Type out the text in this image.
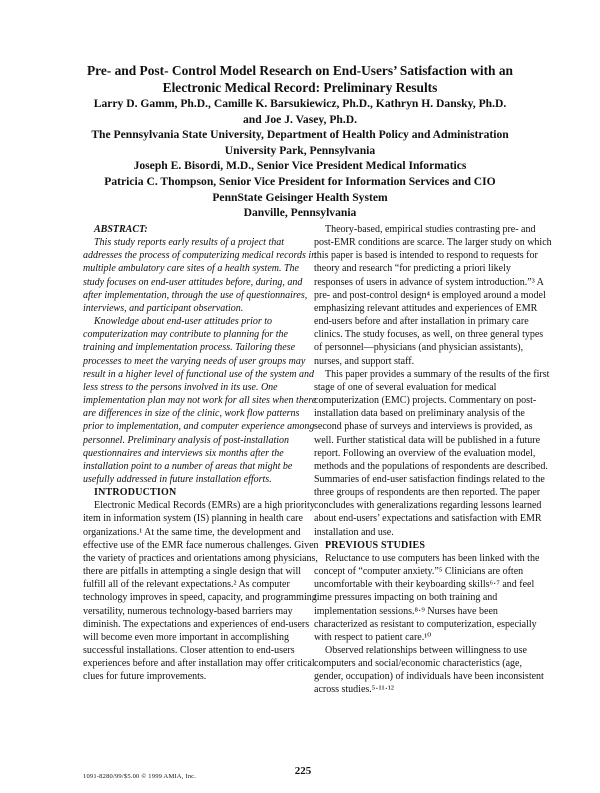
Pre- and Post- Control Model Research on End-Users’ Satisfaction with an

Electronic Medical Record: Preliminary Results

Larry D. Gamm, Ph.D., Camille K. Barsukiewicz, Ph.D., Kathryn H. Dansky, Ph.D.

and Joe J. Vasey, Ph.D.

The Pennsylvania State University, Department of Health Policy and Administration

University Park, Pennsylvania

Joseph E. Bisordi, M.D., Senior Vice President Medical Informatics

Patricia C. Thompson, Senior Vice President for Information Services and CIO

PennState Geisinger Health System

Danville, Pennsylvania

ABSTRACT:

This study reports early results of a project that addresses the process of computerizing medical records in multiple ambulatory care sites of a health system. The study focuses on end-user attitudes before, during, and after implementation, through the use of questionnaires, interviews, and participant observation.

Knowledge about end-user attitudes prior to computerization may contribute to planning for the training and implementation process. Tailoring these processes to meet the varying needs of user groups may result in a higher level of functional use of the system and less stress to the persons involved in its use. One implementation plan may not work for all sites when there are differences in size of the clinic, work flow patterns prior to implementation, and computer experience among personnel. Preliminary analysis of post-installation questionnaires and interviews six months after the installation point to a number of areas that might be usefully addressed in future installation efforts.

INTRODUCTION

Electronic Medical Records (EMRs) are a high priority item in information system (IS) planning in health care organizations.¹ At the same time, the development and effective use of the EMR face numerous challenges. Given the variety of practices and orientations among physicians, there are pitfalls in attempting a single design that will fulfill all of the relevant expectations.² As computer technology improves in speed, capacity, and programming versatility, numerous technology-based barriers may diminish. The expectations and experiences of end-users will become even more important in accomplishing successful installations. Closer attention to end-users experiences before and after installation may offer critical clues for future improvements.

Theory-based, empirical studies contrasting pre- and post-EMR conditions are scarce. The larger study on which this paper is based is intended to respond to requests for theory and research “for predicting a priori likely responses of users in advance of system introduction.”³ A pre- and post-control design⁴ is employed around a model emphasizing relevant attitudes and experiences of EMR end-users before and after installation in primary care clinics. The study focuses, as well, on three general types of personnel—physicians (and physician assistants), nurses, and support staff.

This paper provides a summary of the results of the first stage of one of several evaluation for medical computerization (EMC) projects. Commentary on post-installation data based on preliminary analysis of the second phase of surveys and interviews is provided, as well. Further statistical data will be published in a future report. Following an overview of the evaluation model, methods and the populations of respondents are described. Summaries of end-user satisfaction findings related to the three groups of respondents are then reported. The paper concludes with generalizations regarding lessons learned about end-users’ expectations and satisfaction with EMR installation and use.

PREVIOUS STUDIES

Reluctance to use computers has been linked with the concept of “computer anxiety.”⁵ Clinicians are often uncomfortable with their keyboarding skills⁶·⁷ and feel time pressures impacting on both training and implementation sessions.⁸·⁹ Nurses have been characterized as resistant to computerization, especially with respect to patient care.¹⁰

Observed relationships between willingness to use computers and social/economic characteristics (age, gender, occupation) of individuals have been inconsistent across studies.⁵·¹¹·¹²

1091-8280/99/$5.00 © 1999 AMIA, Inc.	225
